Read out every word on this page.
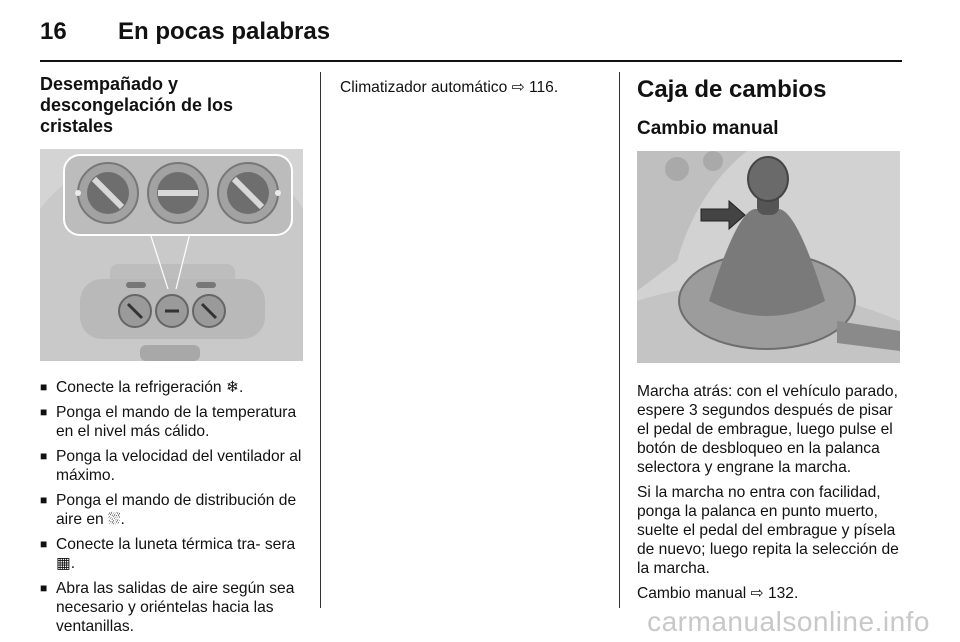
16 En pocas palabras
Desempañado y
descongelación de los cristales
■ Conecte la refrigeración ❄.
■ Ponga el mando de la temperatura en el nivel más cálido.
■ Ponga la velocidad del ventilador al máximo.
■ Ponga el mando de distribución de aire en ⛆.
■ Conecte la luneta térmica tra- sera ▦.
■ Abra las salidas de aire según sea necesario y oriéntelas hacia las ventanillas.
Climatizador automático ⇨ 116.	Caja de cambios
Cambio manual

Marcha atrás: con el vehículo parado, espere 3 segundos después de pisar el pedal de embrague, luego pulse el botón de desbloqueo en la palanca selectora y engrane la marcha.

Si la marcha no entra con facilidad, ponga la palanca en punto muerto, suelte el pedal del embrague y písela de nuevo; luego repita la selección de la marcha.

Cambio manual ⇨ 132.

carmanualsonline.info
